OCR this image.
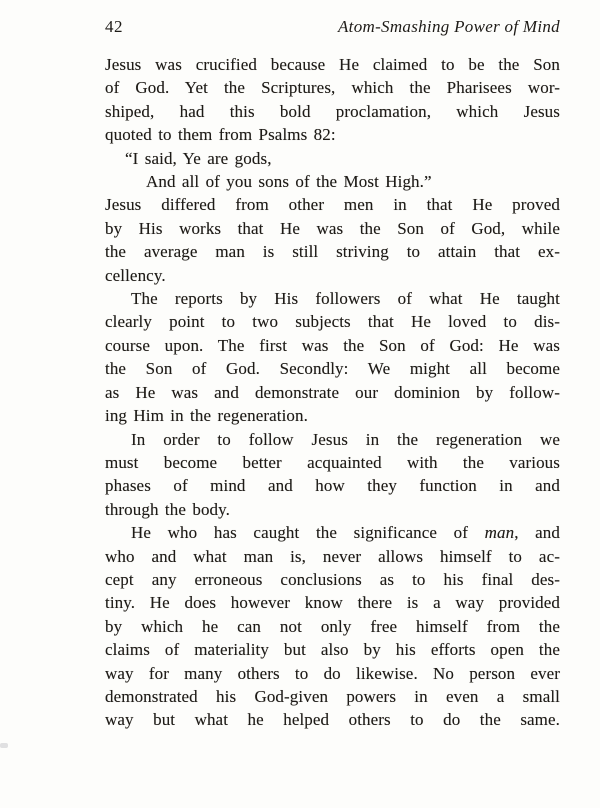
42	Atom-Smashing Power of Mind
Jesus was crucified because He claimed to be the Son
of God. Yet the Scriptures, which the Pharisees wor-
shiped, had this bold proclamation, which Jesus
quoted to them from Psalms 82:
“I said, Ye are gods,
And all of you sons of the Most High.”
Jesus differed from other men in that He proved
by His works that He was the Son of God, while
the average man is still striving to attain that ex-
cellency.
The reports by His followers of what He taught
clearly point to two subjects that He loved to dis-
course upon. The first was the Son of God: He was
the Son of God. Secondly: We might all become
as He was and demonstrate our dominion by follow-
ing Him in the regeneration.
In order to follow Jesus in the regeneration we
must become better acquainted with the various
phases of mind and how they function in and
through the body.
He who has caught the significance of man, and
who and what man is, never allows himself to ac-
cept any erroneous conclusions as to his final des-
tiny. He does however know there is a way provided
by which he can not only free himself from the
claims of materiality but also by his efforts open the
way for many others to do likewise. No person ever
demonstrated his God-given powers in even a small
way but what he helped others to do the same.
